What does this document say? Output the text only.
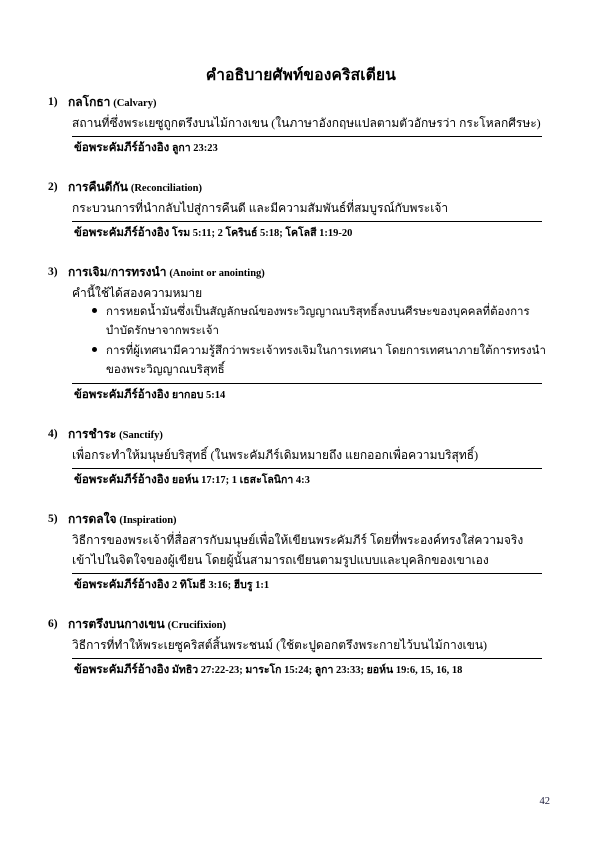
คำอธิบายศัพท์ของคริสเตียน
1) กลโกธา (Calvary)
สถานที่ซึ่งพระเยซูถูกตรึงบนไม้กางเขน (ในภาษาอังกฤษแปลตามตัวอักษรว่า กระโหลกศีรษะ)
ข้อพระคัมภีร์อ้างอิง ลูกา 23:23
2) การคืนดีกัน (Reconciliation)
กระบวนการที่นำกลับไปสู่การคืนดี และมีความสัมพันธ์ที่สมบูรณ์กับพระเจ้า
ข้อพระคัมภีร์อ้างอิง โรม 5:11; 2 โครินธ์ 5:18; โคโลสี 1:19-20
3) การเจิม/การทรงนำ (Anoint or anointing)
คำนี้ใช้ได้สองความหมาย
การหยดน้ำมันซึ่งเป็นสัญลักษณ์ของพระวิญญาณบริสุทธิ์ลงบนศีรษะของบุคคลที่ต้องการบำบัดรักษาจากพระเจ้า
การที่ผู้เทศนามีความรู้สึกว่าพระเจ้าทรงเจิมในการเทศนา โดยการเทศนาภายใต้การทรงนำของพระวิญญาณบริสุทธิ์
ข้อพระคัมภีร์อ้างอิง ยากอบ 5:14
4) การชำระ (Sanctify)
เพื่อกระทำให้มนุษย์บริสุทธิ์ (ในพระคัมภีร์เดิมหมายถึง แยกออกเพื่อความบริสุทธิ์)
ข้อพระคัมภีร์อ้างอิง ยอห์น 17:17; 1 เธสะโลนิกา 4:3
5) การดลใจ (Inspiration)
วิธีการของพระเจ้าที่สื่อสารกับมนุษย์เพื่อให้เขียนพระคัมภีร์ โดยที่พระองค์ทรงใส่ความจริงเข้าไปในจิตใจของผู้เขียน โดยผู้นั้นสามารถเขียนตามรูปแบบและบุคลิกของเขาเอง
ข้อพระคัมภีร์อ้างอิง 2 ทิโมธี 3:16; ฮีบรู 1:1
6) การตรึงบนกางเขน (Crucifixion)
วิธีการที่ทำให้พระเยซูคริสต์สิ้นพระชนม์ (ใช้ตะปูดอกตรึงพระกายไว้บนไม้กางเขน)
ข้อพระคัมภีร์อ้างอิง มัทธิว 27:22-23; มาระโก 15:24; ลูกา 23:33; ยอห์น 19:6, 15, 16, 18
42
